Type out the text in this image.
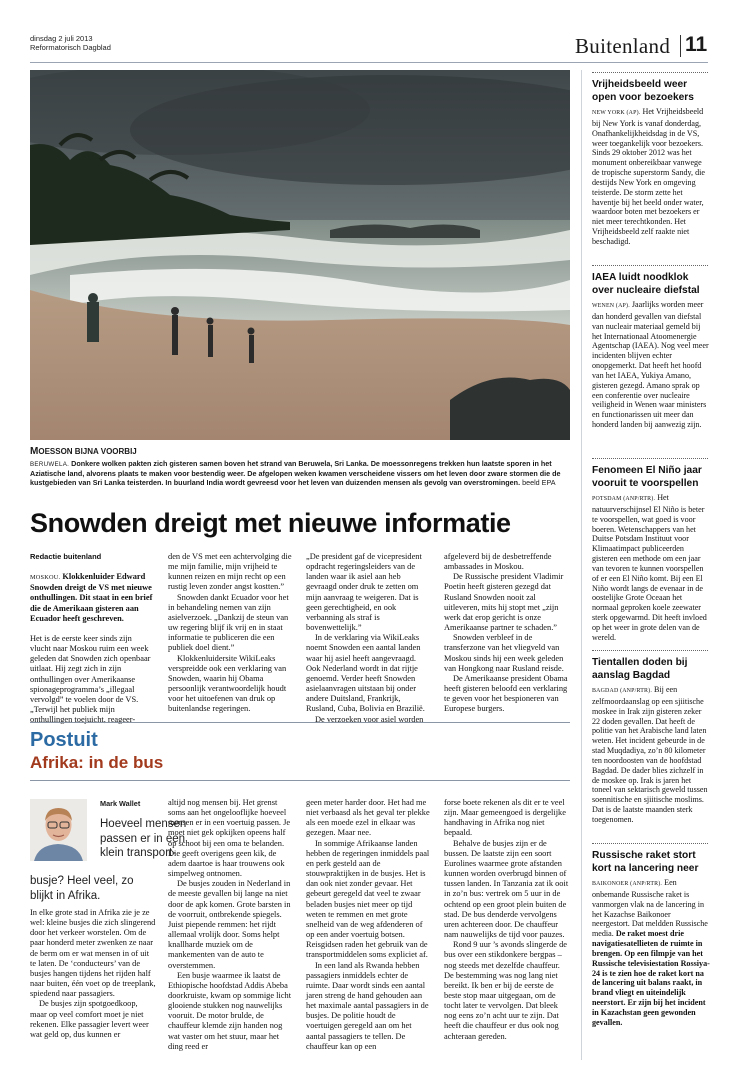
dinsdag 2 juli 2013
Reformatorisch Dagblad	Buitenland 11
MOESSON BIJNA VOORBIJ
BERUWELA. Donkere wolken pakten zich gisteren samen boven het strand van Beruwela, Sri Lanka. De moessonregens trekken hun laatste sporen in het Aziatische land, alvorens plaats te maken voor bestendig weer. De afgelopen weken kwamen verscheidene vissers om het leven door zware stormen die de kustgebieden van Sri Lanka teisterden. In buurland India wordt gevreesd voor het leven van duizenden mensen als gevolg van overstromingen. beeld EPA
Snowden dreigt met nieuwe informatie
Redactie buitenland

MOSKOU. Klokkenluider Edward Snowden dreigt de VS met nieuwe onthullingen. Dit staat in een brief die de Amerikaan gisteren aan Ecuador heeft geschreven.

Het is de eerste keer sinds zijn vlucht naar Moskou ruim een week geleden dat Snowden zich openbaar uitlaat. Hij zegt zich in zijn onthullingen over Amerikaanse spionageprogramma’s „illegaal vervolgd” te voelen door de VS. „Terwijl het publiek mijn onthullingen toejuicht, reageer-

den de VS met een achtervolging die me mijn familie, mijn vrijheid te kunnen reizen en mijn recht op een rustig leven zonder angst kostten.”

Snowden dankt Ecuador voor het in behandeling nemen van zijn asielverzoek. „Dankzij de steun van uw regering blijf ik vrij en in staat informatie te publiceren die een publiek doel dient.”

Klokkenluidersite WikiLeaks verspreidde ook een verklaring van Snowden, waarin hij Obama persoonlijk verantwoordelijk houdt voor het uitoefenen van druk op buitenlandse regeringen.

„De president gaf de vicepresident opdracht regeringsleiders van de landen waar ik asiel aan heb gevraagd onder druk te zetten om mijn aanvraag te weigeren. Dat is geen gerechtigheid, en ook verbanning als straf is bovenwettelijk.”

In de verklaring via WikiLeaks noemt Snowden een aantal landen waar hij asiel heeft aangevraagd. Ook Nederland wordt in dat rijtje genoemd. Verder heeft Snowden asielaanvragen uitstaan bij onder andere Duitsland, Frankrijk, Rusland, Cuba, Bolivia en Brazilië.

De verzoeken voor asiel worden

afgeleverd bij de desbetreffende ambassades in Moskou.

De Russische president Vladimir Poetin heeft gisteren gezegd dat Rusland Snowden nooit zal uitleveren, mits hij stopt met „zijn werk dat erop gericht is onze Amerikaanse partner te schaden.”

Snowden verbleef in de transferzone van het vliegveld van Moskou sinds hij een week geleden van Hongkong naar Rusland reisde.

De Amerikaanse president Obama heeft gisteren beloofd een verklaring te geven voor het bespioneren van Europese burgers.

Postuit
Afrika: in de bus
Mark Wallet
Hoeveel mensen passen er in een klein transport-
busje? Heel veel, zo blijkt in Afrika.

In elke grote stad in Afrika zie je ze wel: kleine busjes die zich slingerend door het verkeer worstelen. Om de paar honderd meter zwenken ze naar de berm om er wat mensen in of uit te laten. De ‘conducteurs’ van de busjes hangen tijdens het rijden half naar buiten, één voet op de treeplank, spiedend naar passagiers.

De busjes zijn spotgoedkoop, maar op veel comfort moet je niet rekenen. Elke passagier levert weer wat geld op, dus kunnen er

altijd nog mensen bij. Het grenst soms aan het ongelooflijke hoeveel mensen er in een voertuig passen. Je moet niet gek opkijken opeens half op schoot bij een oma te belanden. Die geeft overigens geen kik, de adem daartoe is haar trouwens ook simpelweg ontnomen.

De busjes zouden in Nederland in de meeste gevallen bij lange na niet door de apk komen. Grote barsten in de voorruit, ontbrekende spiegels. Juist piepende remmen: het rijdt allemaal vrolijk door. Soms helpt knallharde muziek om de mankementen van de auto te overstemmen.

Een busje waarmee ik laatst de Ethiopische hoofdstad Addis Abeba doorkruiste, kwam op sommige licht glooiende stukken nog nauwelijks vooruit. De motor brulde, de chauffeur klemde zijn handen nog wat vaster om het stuur, maar het ding reed er

geen meter harder door. Het had me niet verbaasd als het geval ter plekke als een moede ezel in elkaar was gezegen. Maar nee.

In sommige Afrikaanse landen hebben de regeringen inmiddels paal en perk gesteld aan de stouwpraktijken in de busjes. Het is dan ook niet zonder gevaar. Het gebeurt geregeld dat veel te zwaar beladen busjes niet meer op tijd weten te remmen en met grote snelheid van de weg afdenderen of op een ander voertuig botsen. Reisgidsen raden het gebruik van de transportmiddelen soms expliciet af.

In een land als Rwanda hebben passagiers inmiddels echter de ruimte. Daar wordt sinds een aantal jaren streng de hand gehouden aan het maximale aantal passagiers in de busjes. De politie houdt de voertuigen geregeld aan om het aantal passagiers te tellen. De chauffeur kan op een

forse boete rekenen als dit er te veel zijn. Maar gemeengoed is dergelijke handhaving in Afrika nog niet bepaald.

Behalve de busjes zijn er de bussen. De laatste zijn een soort Eurolines waarmee grote afstanden kunnen worden overbrugd binnen of tussen landen. In Tanzania zat ik ooit in zo’n bus: vertrek om 5 uur in de ochtend op een groot plein buiten de stad. De bus denderde vervolgens uren achtereen door. De chauffeur nam nauwelijks de tijd voor pauzes.

Rond 9 uur ’s avonds slingerde de bus over een stikdonkere bergpas – nog steeds met dezelfde chauffeur. De bestemming was nog lang niet bereikt. Ik ben er bij de eerste de beste stop maar uitgegaan, om de tocht later te vervolgen. Dat bleek nog eens zo’n acht uur te zijn. Dat heeft die chauffeur er dus ook nog achteraan gereden.

Vrijheidsbeeld weer open voor bezoekers

NEW YORK (AP). Het Vrijheidsbeeld bij New York is vanaf donderdag, Onafhankelijkheidsdag in de VS, weer toegankelijk voor bezoekers. Sinds 29 oktober 2012 was het monument onbereikbaar vanwege de tropische superstorm Sandy, die destijds New York en omgeving teisterde. De storm zette het haventje bij het beeld onder water, waardoor boten met bezoekers er niet meer terechtkonden. Het Vrijheidsbeeld zelf raakte niet beschadigd.

IAEA luidt noodklok over nucleaire diefstal

WENEN (AP). Jaarlijks worden meer dan honderd gevallen van diefstal van nucleair materiaal gemeld bij het Internationaal Atoomenergie Agentschap (IAEA). Nog veel meer incidenten blijven echter onopgemerkt. Dat heeft het hoofd van het IAEA, Yukiya Amano, gisteren gezegd. Amano sprak op een conferentie over nucleaire veiligheid in Wenen waar ministers en functionarissen uit meer dan honderd landen bij aanwezig zijn.

Fenomeen El Niño jaar vooruit te voorspellen

POTSDAM (ANP/RTR). Het natuurverschijnsel El Niño is beter te voorspellen, wat goed is voor boeren. Wetenschappers van het Duitse Potsdam Instituut voor Klimaatimpact publiceerden gisteren een methode om een jaar van tevoren te kunnen voorspellen of er een El Niño komt. Bij een El Niño wordt langs de evenaar in de oostelijke Grote Oceaan het normaal geproken koele zeewater sterk opgewarmd. Dit heeft invloed op het weer in grote delen van de wereld.

Tientallen doden bij aanslag Bagdad

BAGDAD (ANP/RTR). Bij een zelfmoordaanslag op een sjiitische moskee in Irak zijn gisteren zeker 22 doden gevallen. Dat heeft de politie van het Arabische land laten weten. Het incident gebeurde in de stad Muqdadiya, zo’n 80 kilometer ten noordoosten van de hoofdstad Bagdad. De dader blies zichzelf in de moskee op. Irak is jaren het toneel van sektarisch geweld tussen soennitische en sjiitische moslims. Dat is de laatste maanden sterk toegenomen.

Russische raket stort kort na lancering neer

BAIKONOER (ANP/RTR). Een onbemande Russische raket is vanmorgen vlak na de lancering in het Kazachse Baikonoer neergestort. Dat meldden Russische media. De raket moest drie navigatiesatellieten de ruimte in brengen. Op een filmpje van het Russische televisiestation Rossiya-24 is te zien hoe de raket kort na de lancering uit balans raakt, in brand vliegt en uiteindelijk neerstort. Er zijn bij het incident in Kazachstan geen gewonden gevallen.
